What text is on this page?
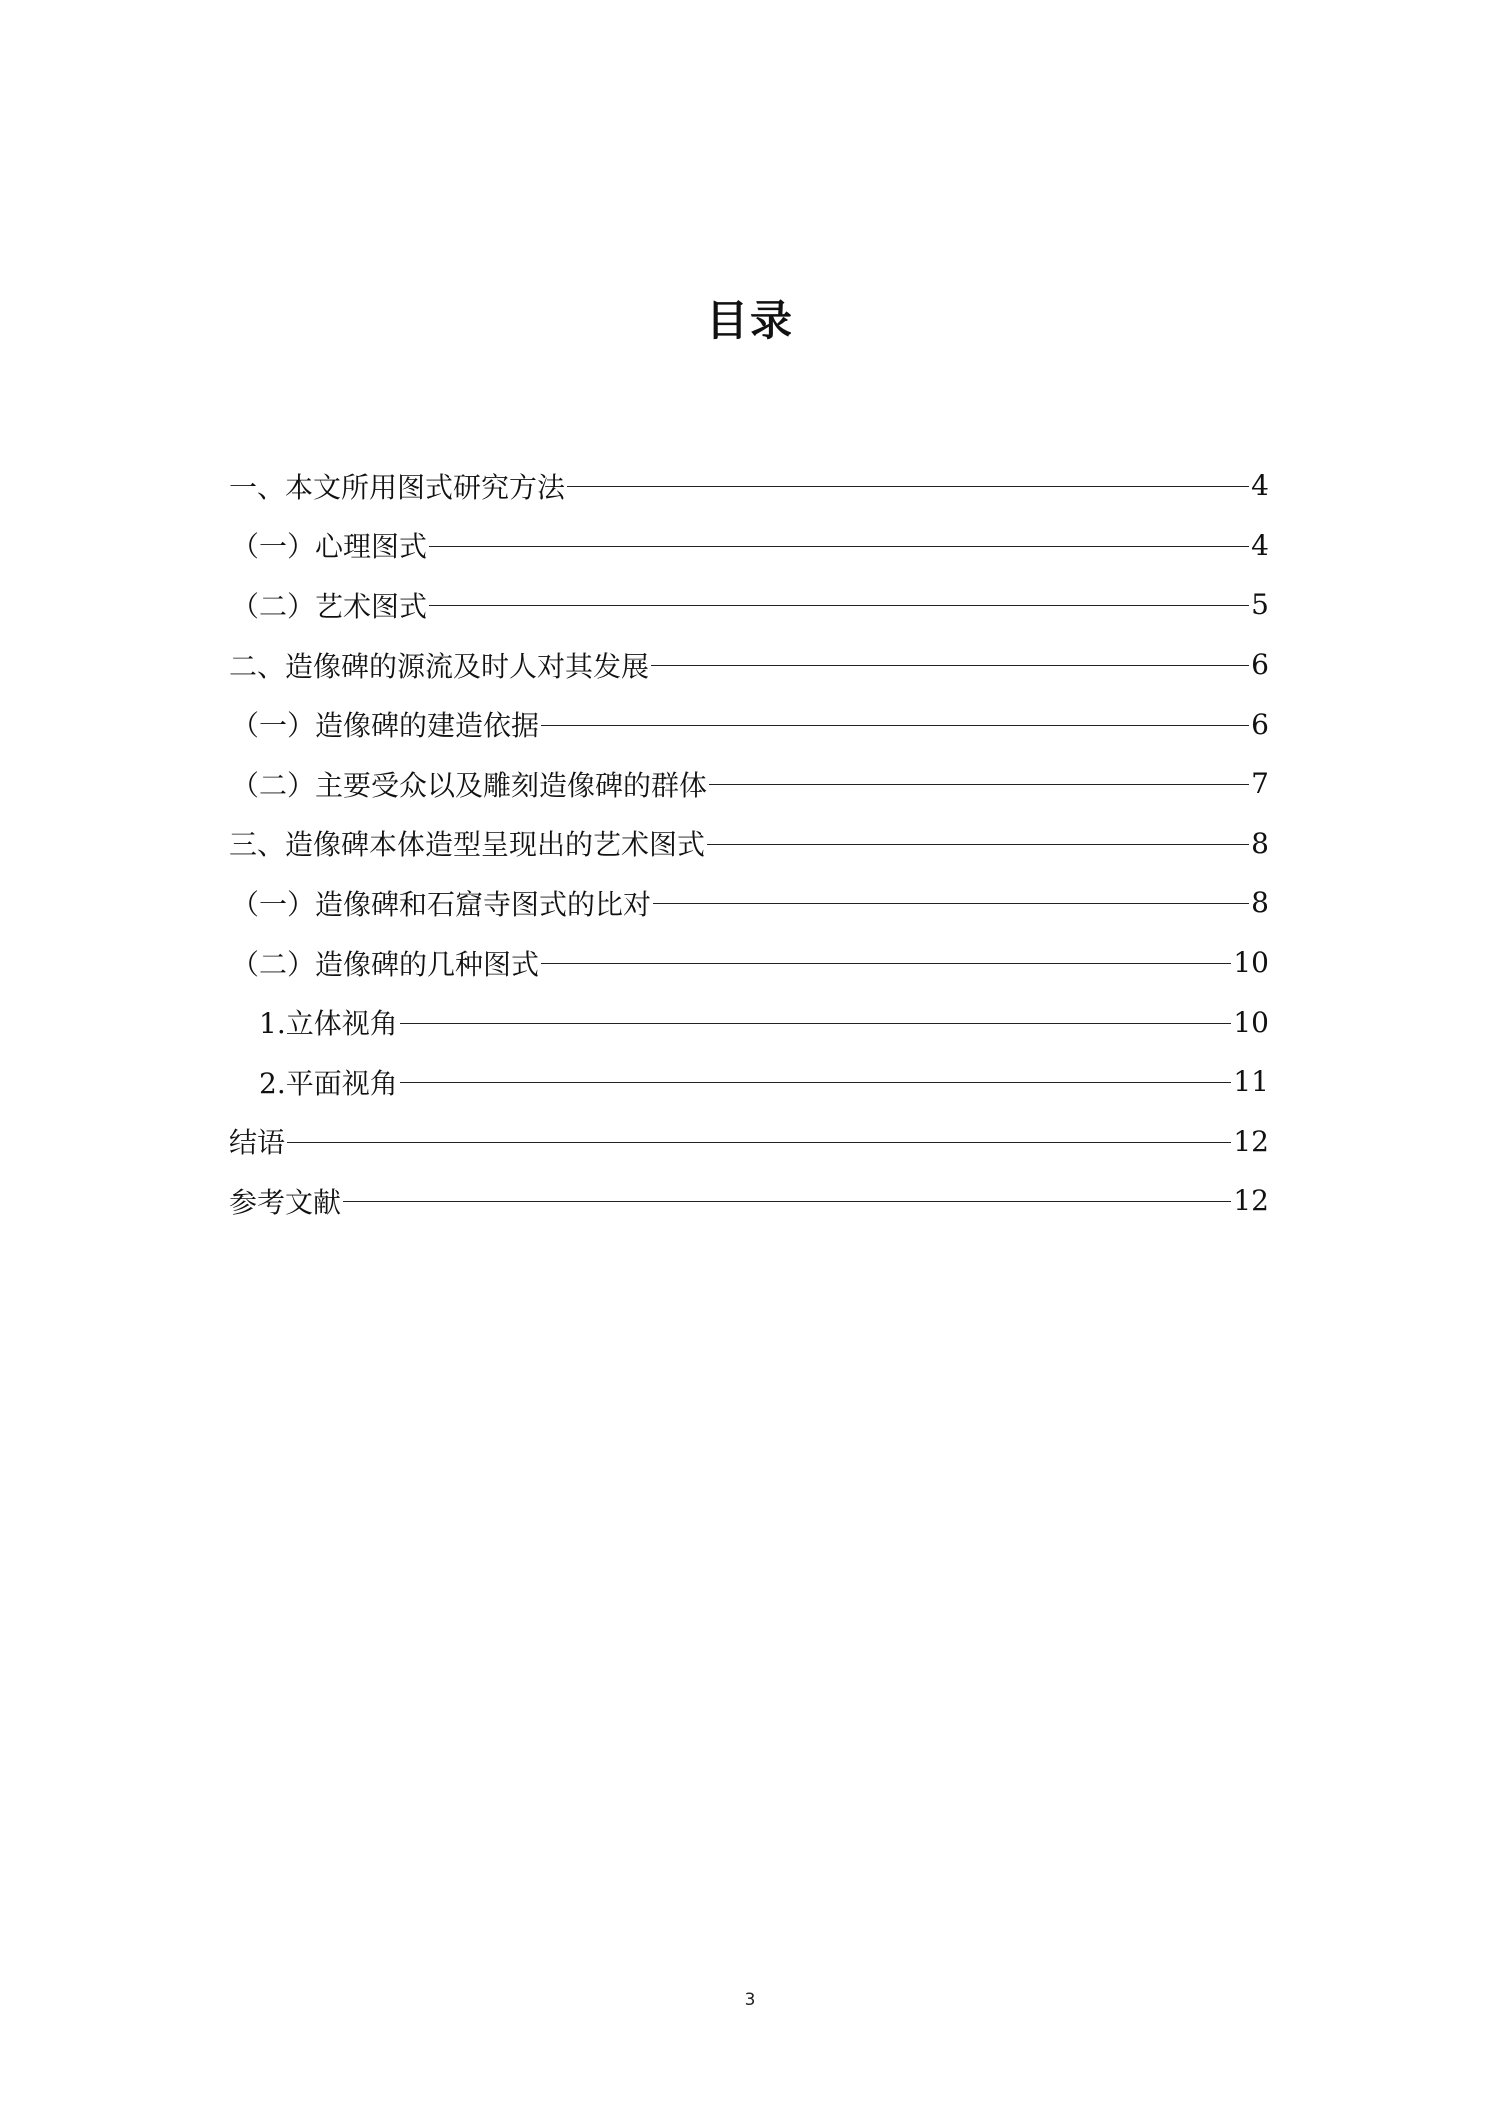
目录
一、本文所用图式研究方法	4
（一）心理图式	4
（二）艺术图式	5
二、造像碑的源流及时人对其发展	6
（一）造像碑的建造依据	6
（二）主要受众以及雕刻造像碑的群体	7
三、造像碑本体造型呈现出的艺术图式	8
（一）造像碑和石窟寺图式的比对	8
（二）造像碑的几种图式	10
1.立体视角	10
2.平面视角	11
结语	12
参考文献	12
3
